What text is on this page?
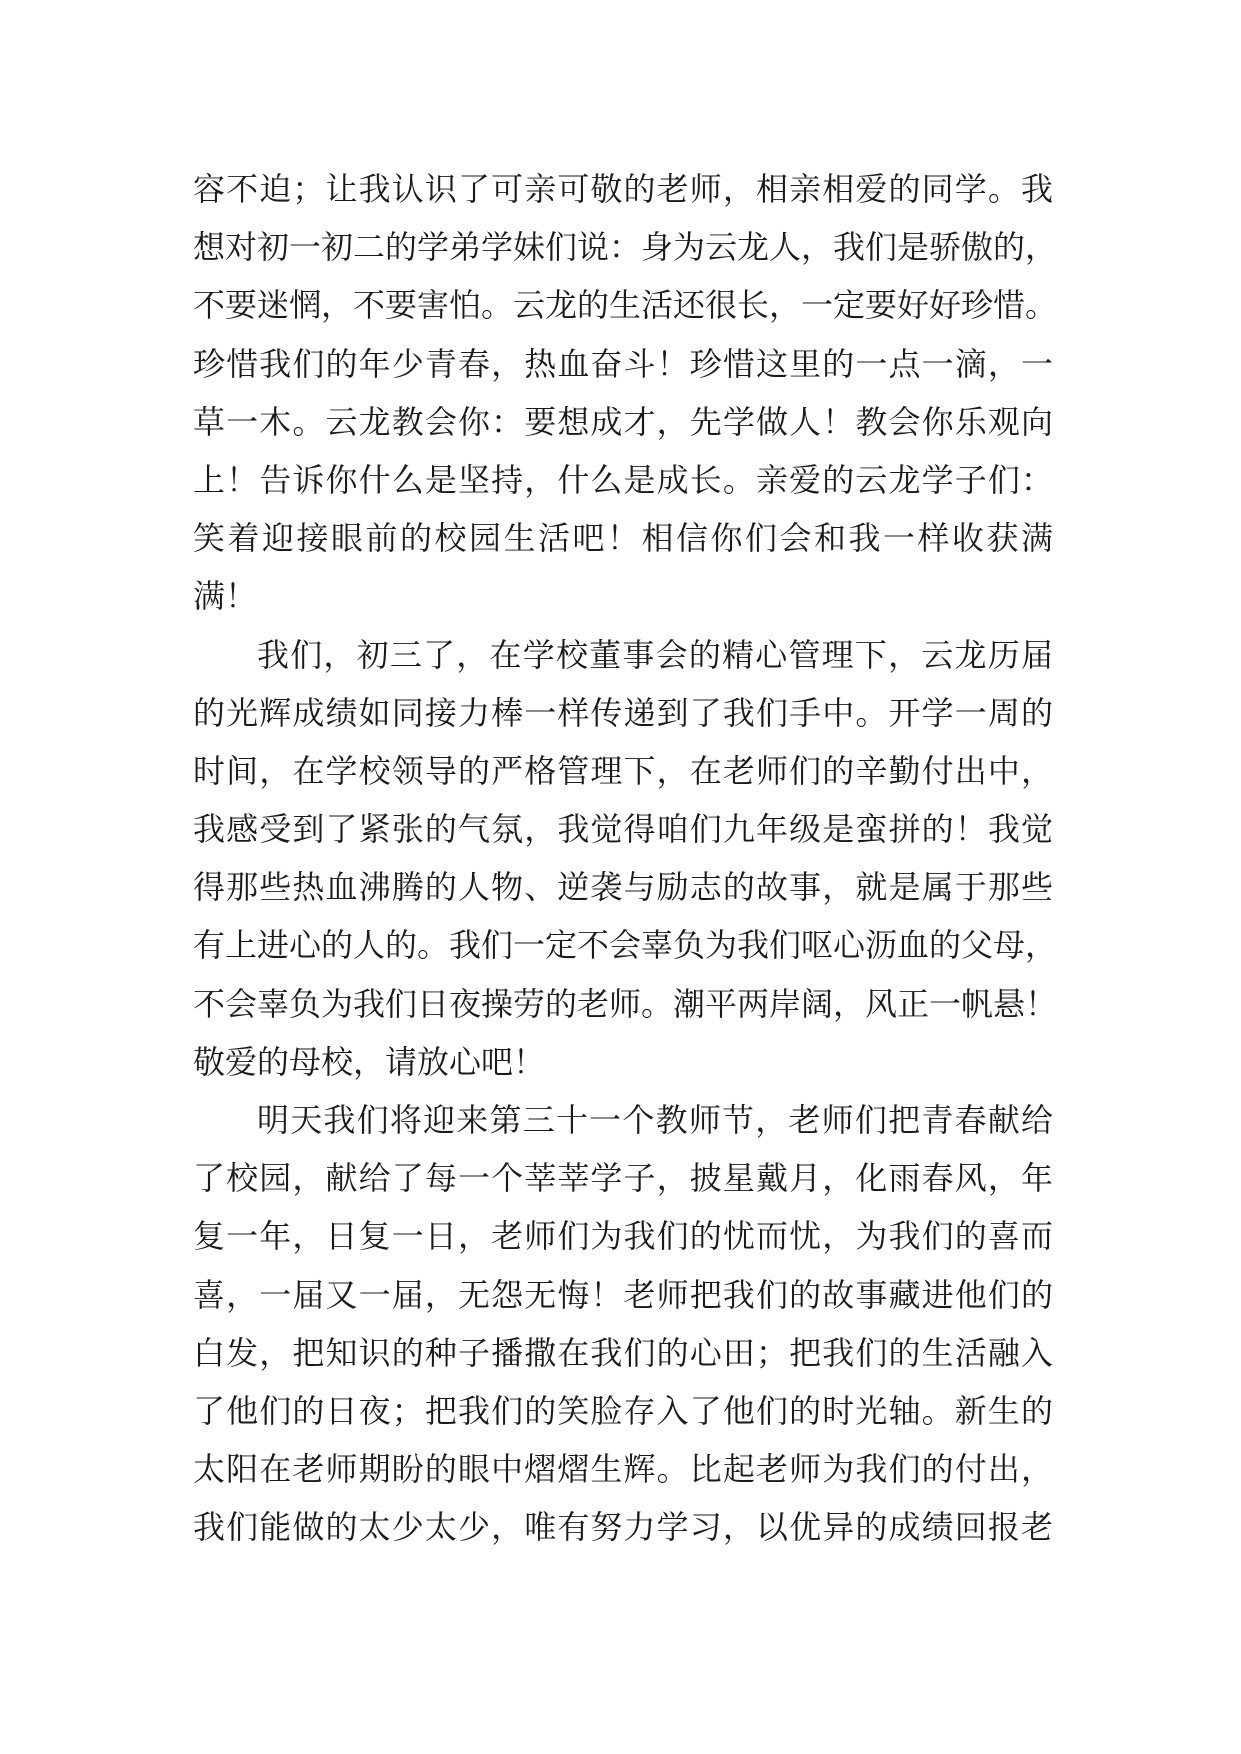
容不迫；让我认识了可亲可敬的老师，相亲相爱的同学。我
想对初一初二的学弟学妹们说：身为云龙人，我们是骄傲的，
不要迷惘，不要害怕。云龙的生活还很长，一定要好好珍惜。
珍惜我们的年少青春，热血奋斗！珍惜这里的一点一滴，一
草一木。云龙教会你：要想成才，先学做人！教会你乐观向
上！告诉你什么是坚持，什么是成长。亲爱的云龙学子们：
笑着迎接眼前的校园生活吧！相信你们会和我一样收获满
满！
我们，初三了，在学校董事会的精心管理下，云龙历届
的光辉成绩如同接力棒一样传递到了我们手中。开学一周的
时间，在学校领导的严格管理下，在老师们的辛勤付出中，
我感受到了紧张的气氛，我觉得咱们九年级是蛮拼的！我觉
得那些热血沸腾的人物、逆袭与励志的故事，就是属于那些
有上进心的人的。我们一定不会辜负为我们呕心沥血的父母，
不会辜负为我们日夜操劳的老师。潮平两岸阔，风正一帆悬！
敬爱的母校，请放心吧！
明天我们将迎来第三十一个教师节，老师们把青春献给
了校园，献给了每一个莘莘学子，披星戴月，化雨春风，年
复一年，日复一日，老师们为我们的忧而忧，为我们的喜而
喜，一届又一届，无怨无悔！老师把我们的故事藏进他们的
白发，把知识的种子播撒在我们的心田；把我们的生活融入
了他们的日夜；把我们的笑脸存入了他们的时光轴。新生的
太阳在老师期盼的眼中熠熠生辉。比起老师为我们的付出，
我们能做的太少太少，唯有努力学习，以优异的成绩回报老
